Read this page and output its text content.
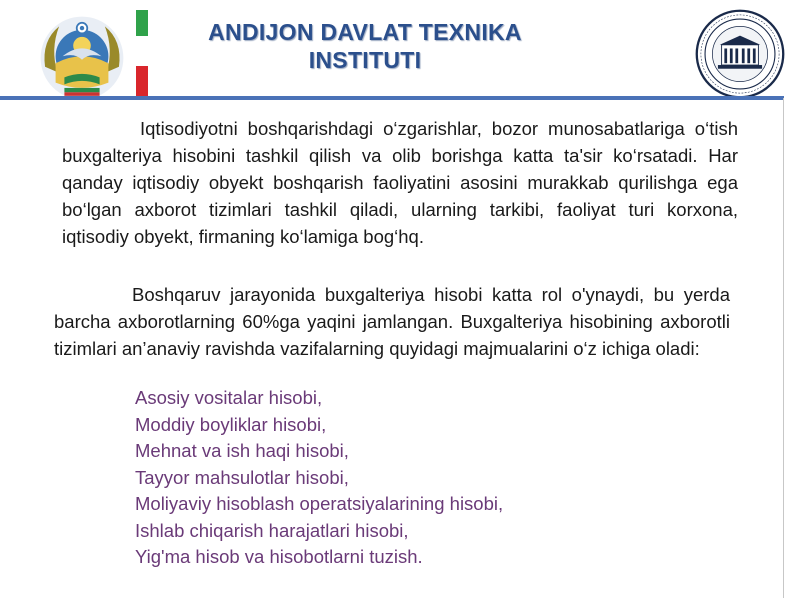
ANDIJON DAVLAT TEXNIKA
INSTITUTI
Iqtisodiyotni boshqarishdagi o‘zgarishlar, bozor munosabatlariga o‘tish buxgalteriya hisobini tashkil qilish va olib borishga katta ta'sir ko‘rsatadi. Har qanday iqtisodiy obyekt boshqarish faoliyatini asosini murakkab qurilishga ega bo‘lgan axborot tizimlari tashkil qiladi, ularning tarkibi, faoliyat turi korxona, iqtisodiy obyekt, firmaning ko‘lamiga bog‘hq.
Boshqaruv jarayonida buxgalteriya hisobi katta rol o'ynaydi, bu yerda barcha axborotlarning 60%ga yaqini jamlangan. Buxgalteriya hisobining axborotli tizimlari an’anaviy ravishda vazifalarning quyidagi majmualarini o‘z ichiga oladi:
Asosiy vositalar hisobi,
Moddiy boyliklar hisobi,
Mehnat va ish haqi hisobi,
Tayyor mahsulotlar hisobi,
Moliyaviy hisoblash operatsiyalarining hisobi,
Ishlab chiqarish harajatlari hisobi,
Yig'ma hisob va hisobotlarni tuzish.
